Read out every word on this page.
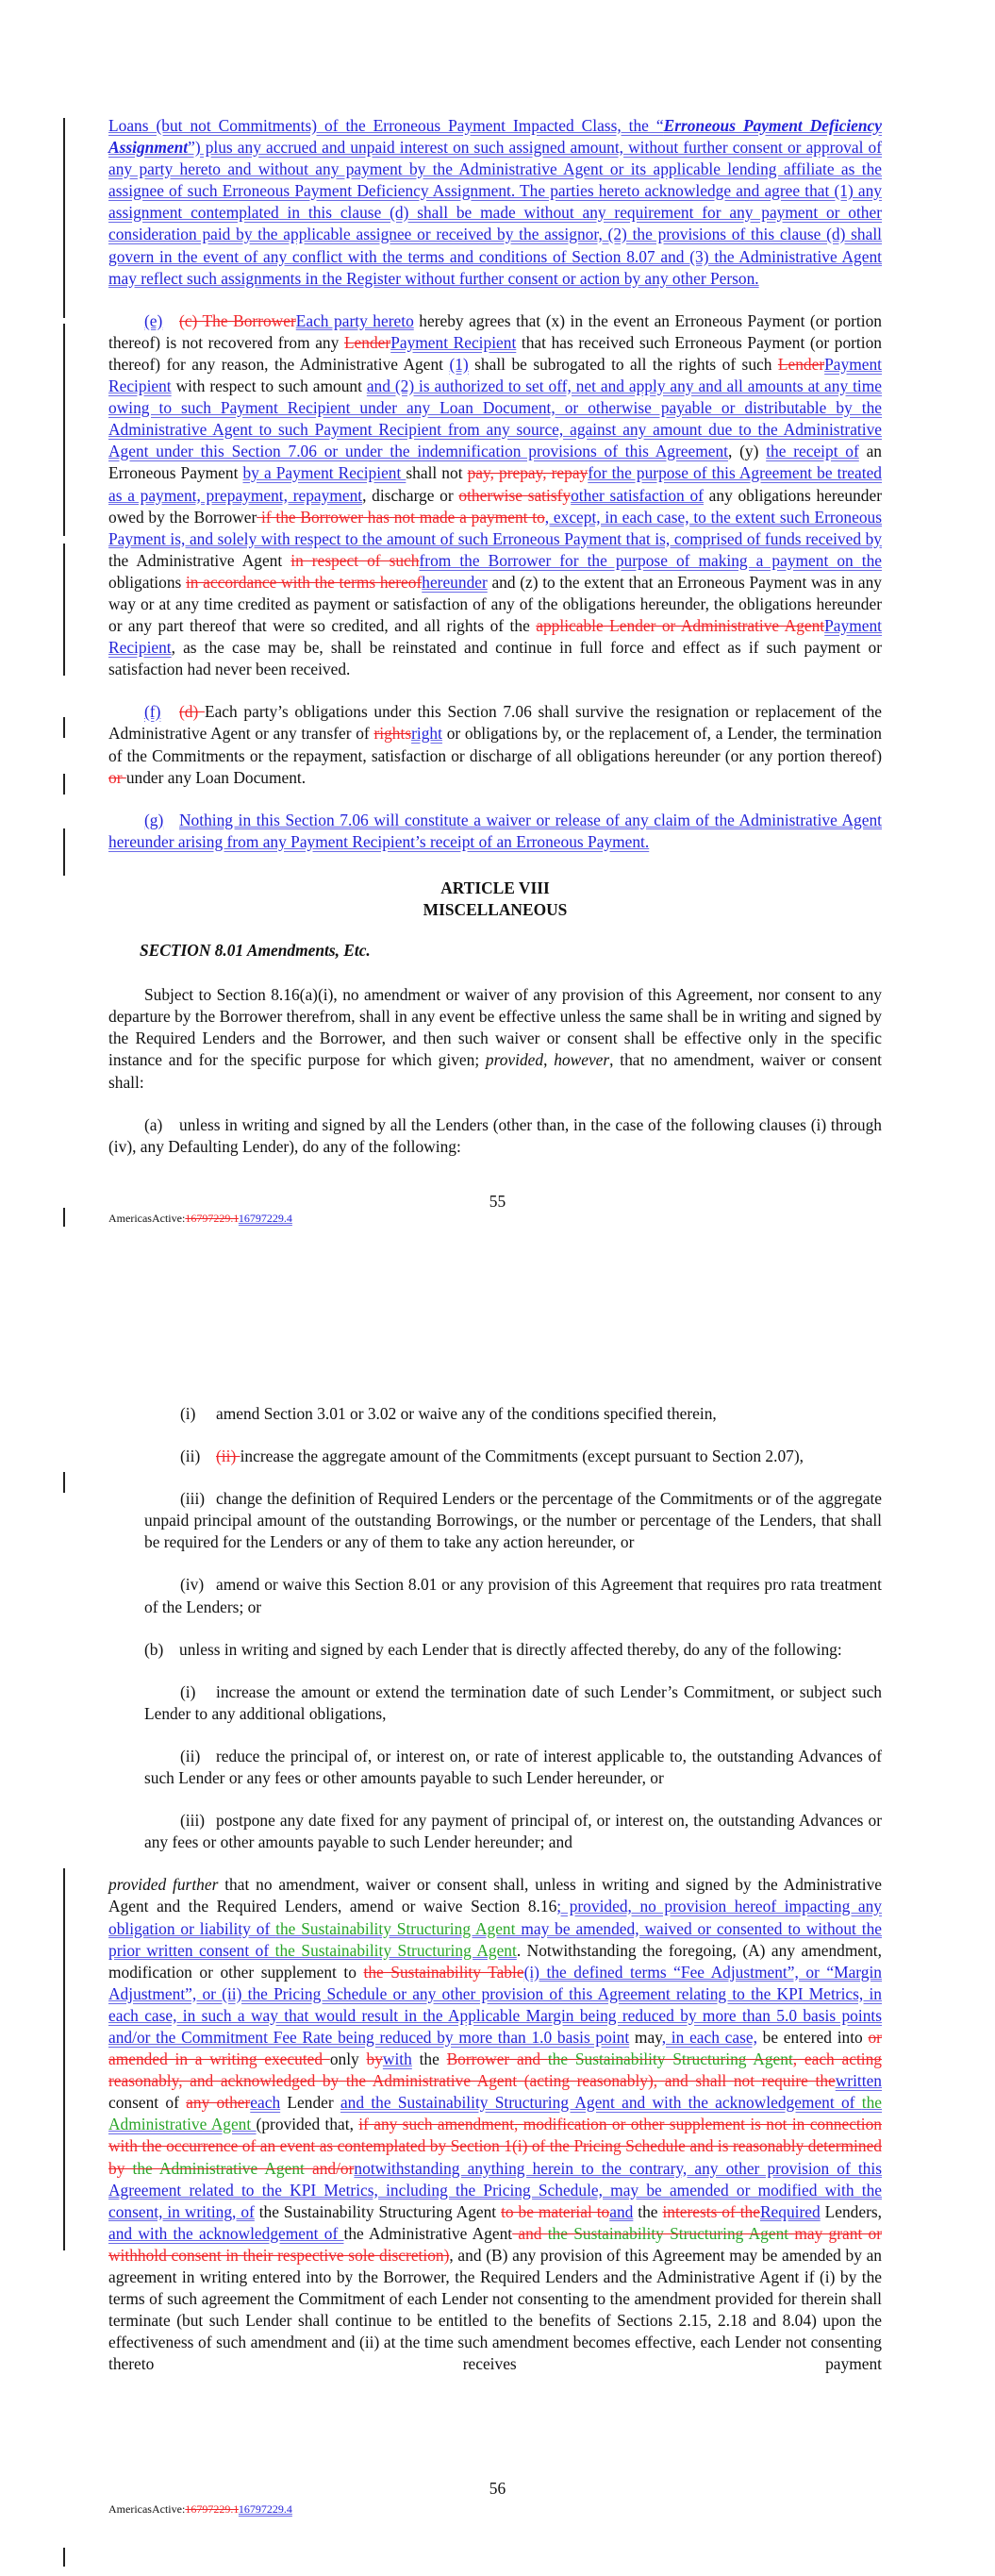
Loans (but not Commitments) of the Erroneous Payment Impacted Class, the “Erroneous Payment Deficiency Assignment”) plus any accrued and unpaid interest on such assigned amount, without further consent or approval of any party hereto and without any payment by the Administrative Agent or its applicable lending affiliate as the assignee of such Erroneous Payment Deficiency Assignment. The parties hereto acknowledge and agree that (1) any assignment contemplated in this clause (d) shall be made without any requirement for any payment or other consideration paid by the applicable assignee or received by the assignor, (2) the provisions of this clause (d) shall govern in the event of any conflict with the terms and conditions of Section 8.07 and (3) the Administrative Agent may reflect such assignments in the Register without further consent or action by any other Person.

(e) (c) The BorrowerEach party hereto hereby agrees that (x) in the event an Erroneous Payment (or portion thereof) is not recovered from any LenderPayment Recipient that has received such Erroneous Payment (or portion thereof) for any reason, the Administrative Agent (1) shall be subrogated to all the rights of such LenderPayment Recipient with respect to such amount and (2) is authorized to set off, net and apply any and all amounts at any time owing to such Payment Recipient under any Loan Document, or otherwise payable or distributable by the Administrative Agent to such Payment Recipient from any source, against any amount due to the Administrative Agent under this Section 7.06 or under the indemnification provisions of this Agreement, (y) the receipt of an Erroneous Payment by a Payment Recipient shall not pay, prepay, repayfor the purpose of this Agreement be treated as a payment, prepayment, repayment, discharge or otherwise satisfyother satisfaction of any obligations hereunder owed by the Borrower if the Borrower has not made a payment to, except, in each case, to the extent such Erroneous Payment is, and solely with respect to the amount of such Erroneous Payment that is, comprised of funds received by the Administrative Agent in respect of suchfrom the Borrower for the purpose of making a payment on the obligations in accordance with the terms hereofhereunder and (z) to the extent that an Erroneous Payment was in any way or at any time credited as payment or satisfaction of any of the obligations hereunder, the obligations hereunder or any part thereof that were so credited, and all rights of the applicable Lender or Administrative AgentPayment Recipient, as the case may be, shall be reinstated and continue in full force and effect as if such payment or satisfaction had never been received.

(f) (d) Each party’s obligations under this Section 7.06 shall survive the resignation or replacement of the Administrative Agent or any transfer of rightsright or obligations by, or the replacement of, a Lender, the termination of the Commitments or the repayment, satisfaction or discharge of all obligations hereunder (or any portion thereof) or under any Loan Document.

(g) Nothing in this Section 7.06 will constitute a waiver or release of any claim of the Administrative Agent hereunder arising from any Payment Recipient’s receipt of an Erroneous Payment.

ARTICLE VIII

MISCELLANEOUS

SECTION 8.01 Amendments, Etc.

Subject to Section 8.16(a)(i), no amendment or waiver of any provision of this Agreement, nor consent to any departure by the Borrower therefrom, shall in any event be effective unless the same shall be in writing and signed by the Required Lenders and the Borrower, and then such waiver or consent shall be effective only in the specific instance and for the specific purpose for which given; provided, however, that no amendment, waiver or consent shall:

(a) unless in writing and signed by all the Lenders (other than, in the case of the following clauses (i) through (iv), any Defaulting Lender), do any of the following:

55
AmericasActive:16797229.116797229.4

(i) amend Section 3.01 or 3.02 or waive any of the conditions specified therein,

(ii) (ii) increase the aggregate amount of the Commitments (except pursuant to Section 2.07),

(iii) change the definition of Required Lenders or the percentage of the Commitments or of the aggregate unpaid principal amount of the outstanding Borrowings, or the number or percentage of the Lenders, that shall be required for the Lenders or any of them to take any action hereunder, or

(iv) amend or waive this Section 8.01 or any provision of this Agreement that requires pro rata treatment of the Lenders; or

(b) unless in writing and signed by each Lender that is directly affected thereby, do any of the following:

(i) increase the amount or extend the termination date of such Lender’s Commitment, or subject such Lender to any additional obligations,

(ii) reduce the principal of, or interest on, or rate of interest applicable to, the outstanding Advances of such Lender or any fees or other amounts payable to such Lender hereunder, or

(iii) postpone any date fixed for any payment of principal of, or interest on, the outstanding Advances or any fees or other amounts payable to such Lender hereunder; and

provided further that no amendment, waiver or consent shall, unless in writing and signed by the Administrative Agent and the Required Lenders, amend or waive Section 8.16; provided, no provision hereof impacting any obligation or liability of the Sustainability Structuring Agent may be amended, waived or consented to without the prior written consent of the Sustainability Structuring Agent. Notwithstanding the foregoing, (A) any amendment, modification or other supplement to the Sustainability Table(i) the defined terms “Fee Adjustment”, or “Margin Adjustment”, or (ii) the Pricing Schedule or any other provision of this Agreement relating to the KPI Metrics, in each case, in such a way that would result in the Applicable Margin being reduced by more than 5.0 basis points and/or the Commitment Fee Rate being reduced by more than 1.0 basis point may, in each case, be entered into or amended in a writing executed only bywith the Borrower and the Sustainability Structuring Agent, each acting reasonably, and acknowledged by the Administrative Agent (acting reasonably), and shall not require thewritten consent of any othereach Lender and the Sustainability Structuring Agent and with the acknowledgement of the Administrative Agent (provided that, if any such amendment, modification or other supplement is not in connection with the occurrence of an event as contemplated by Section 1(i) of the Pricing Schedule and is reasonably determined by the Administrative Agent and/ornotwithstanding anything herein to the contrary, any other provision of this Agreement related to the KPI Metrics, including the Pricing Schedule, may be amended or modified with the consent, in writing, of the Sustainability Structuring Agent to be material toand the interests of theRequired Lenders, and with the acknowledgement of the Administrative Agent and the Sustainability Structuring Agent may grant or withhold consent in their respective sole discretion), and (B) any provision of this Agreement may be amended by an agreement in writing entered into by the Borrower, the Required Lenders and the Administrative Agent if (i) by the terms of such agreement the Commitment of each Lender not consenting to the amendment provided for therein shall terminate (but such Lender shall continue to be entitled to the benefits of Sections 2.15, 2.18 and 8.04) upon the effectiveness of such amendment and (ii) at the time such amendment becomes effective, each Lender not consenting thereto receives payment

56
AmericasActive:16797229.116797229.4
